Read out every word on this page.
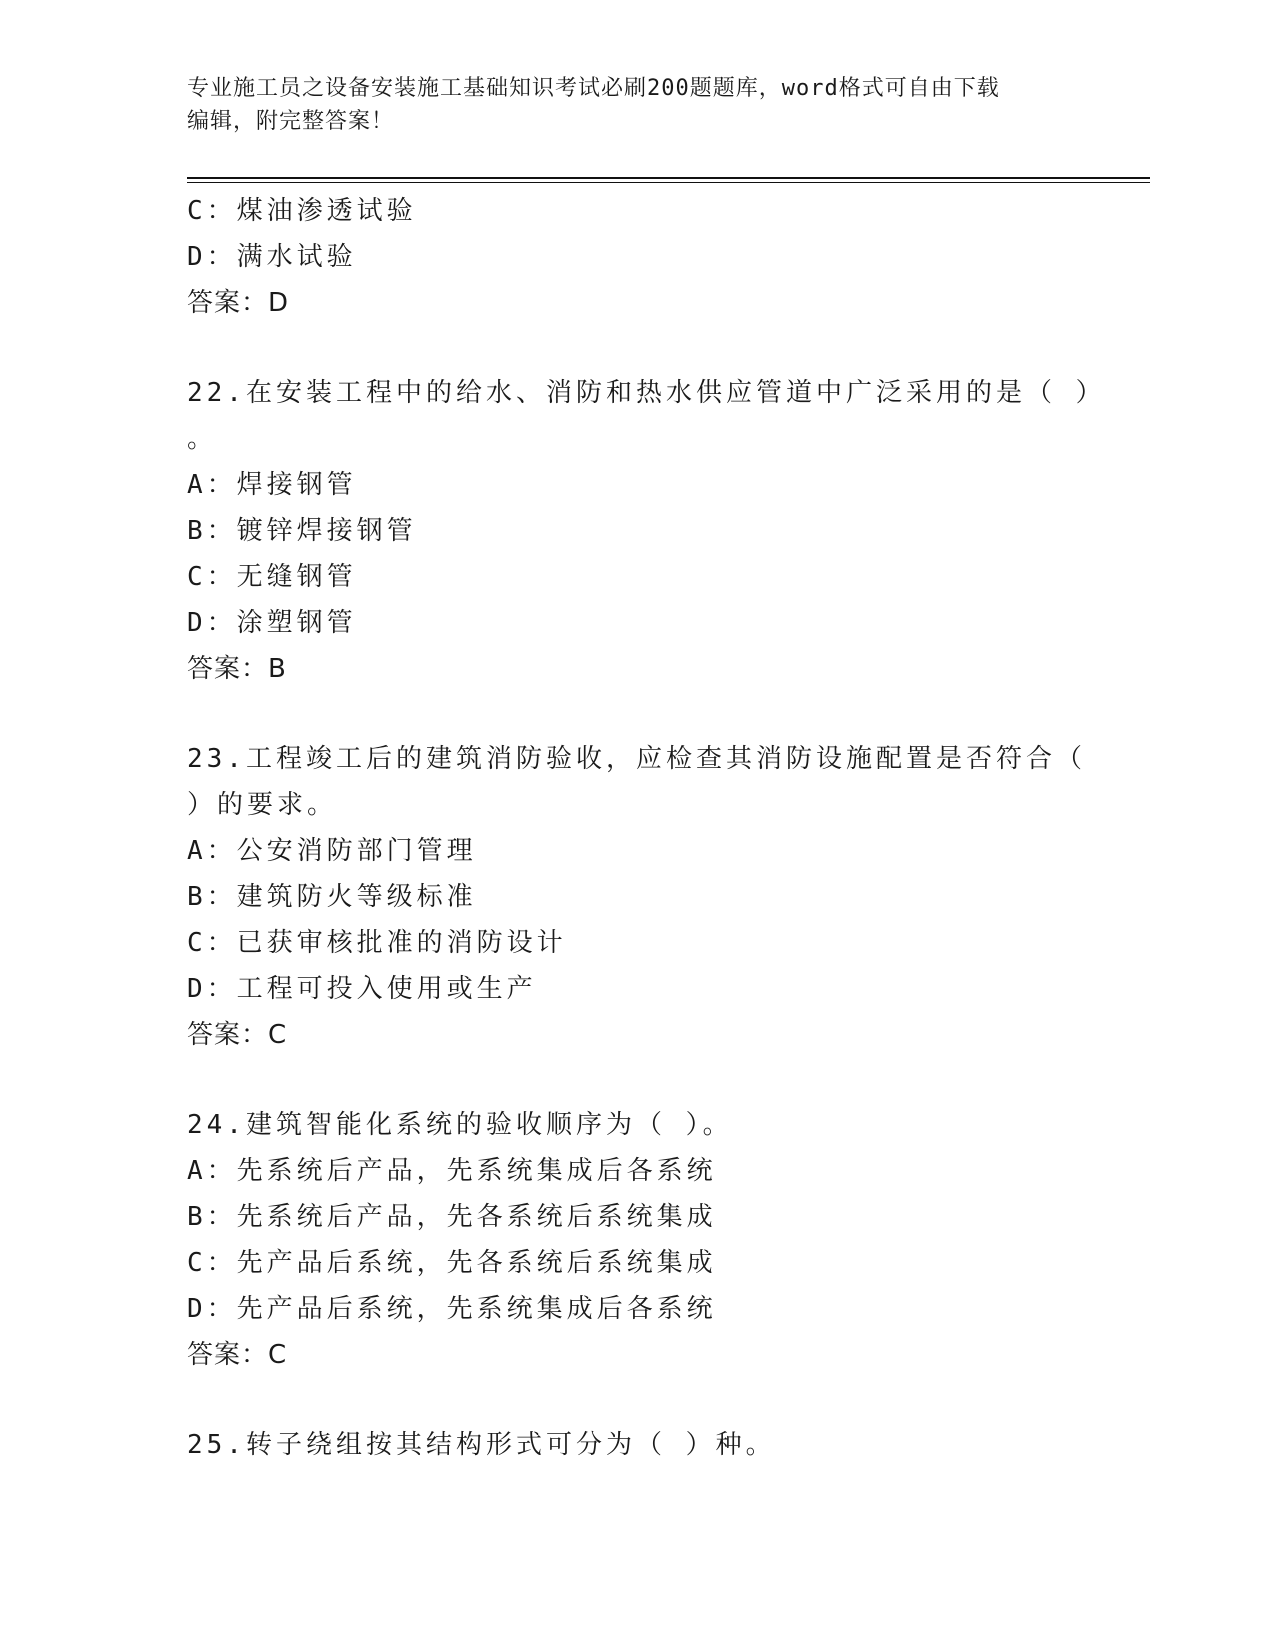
专业施工员之设备安装施工基础知识考试必刷200题题库，word格式可自由下载
编辑，附完整答案！
C：煤油渗透试验
D：满水试验
答案：D
22.在安装工程中的给水、消防和热水供应管道中广泛采用的是（ ）
。
A：焊接钢管
B：镀锌焊接钢管
C：无缝钢管
D：涂塑钢管
答案：B
23.工程竣工后的建筑消防验收，应检查其消防设施配置是否符合（
）的要求。
A：公安消防部门管理
B：建筑防火等级标准
C：已获审核批准的消防设计
D：工程可投入使用或生产
答案：C
24.建筑智能化系统的验收顺序为（ ）。
A：先系统后产品，先系统集成后各系统
B：先系统后产品，先各系统后系统集成
C：先产品后系统，先各系统后系统集成
D：先产品后系统，先系统集成后各系统
答案：C
25.转子绕组按其结构形式可分为（ ）种。
